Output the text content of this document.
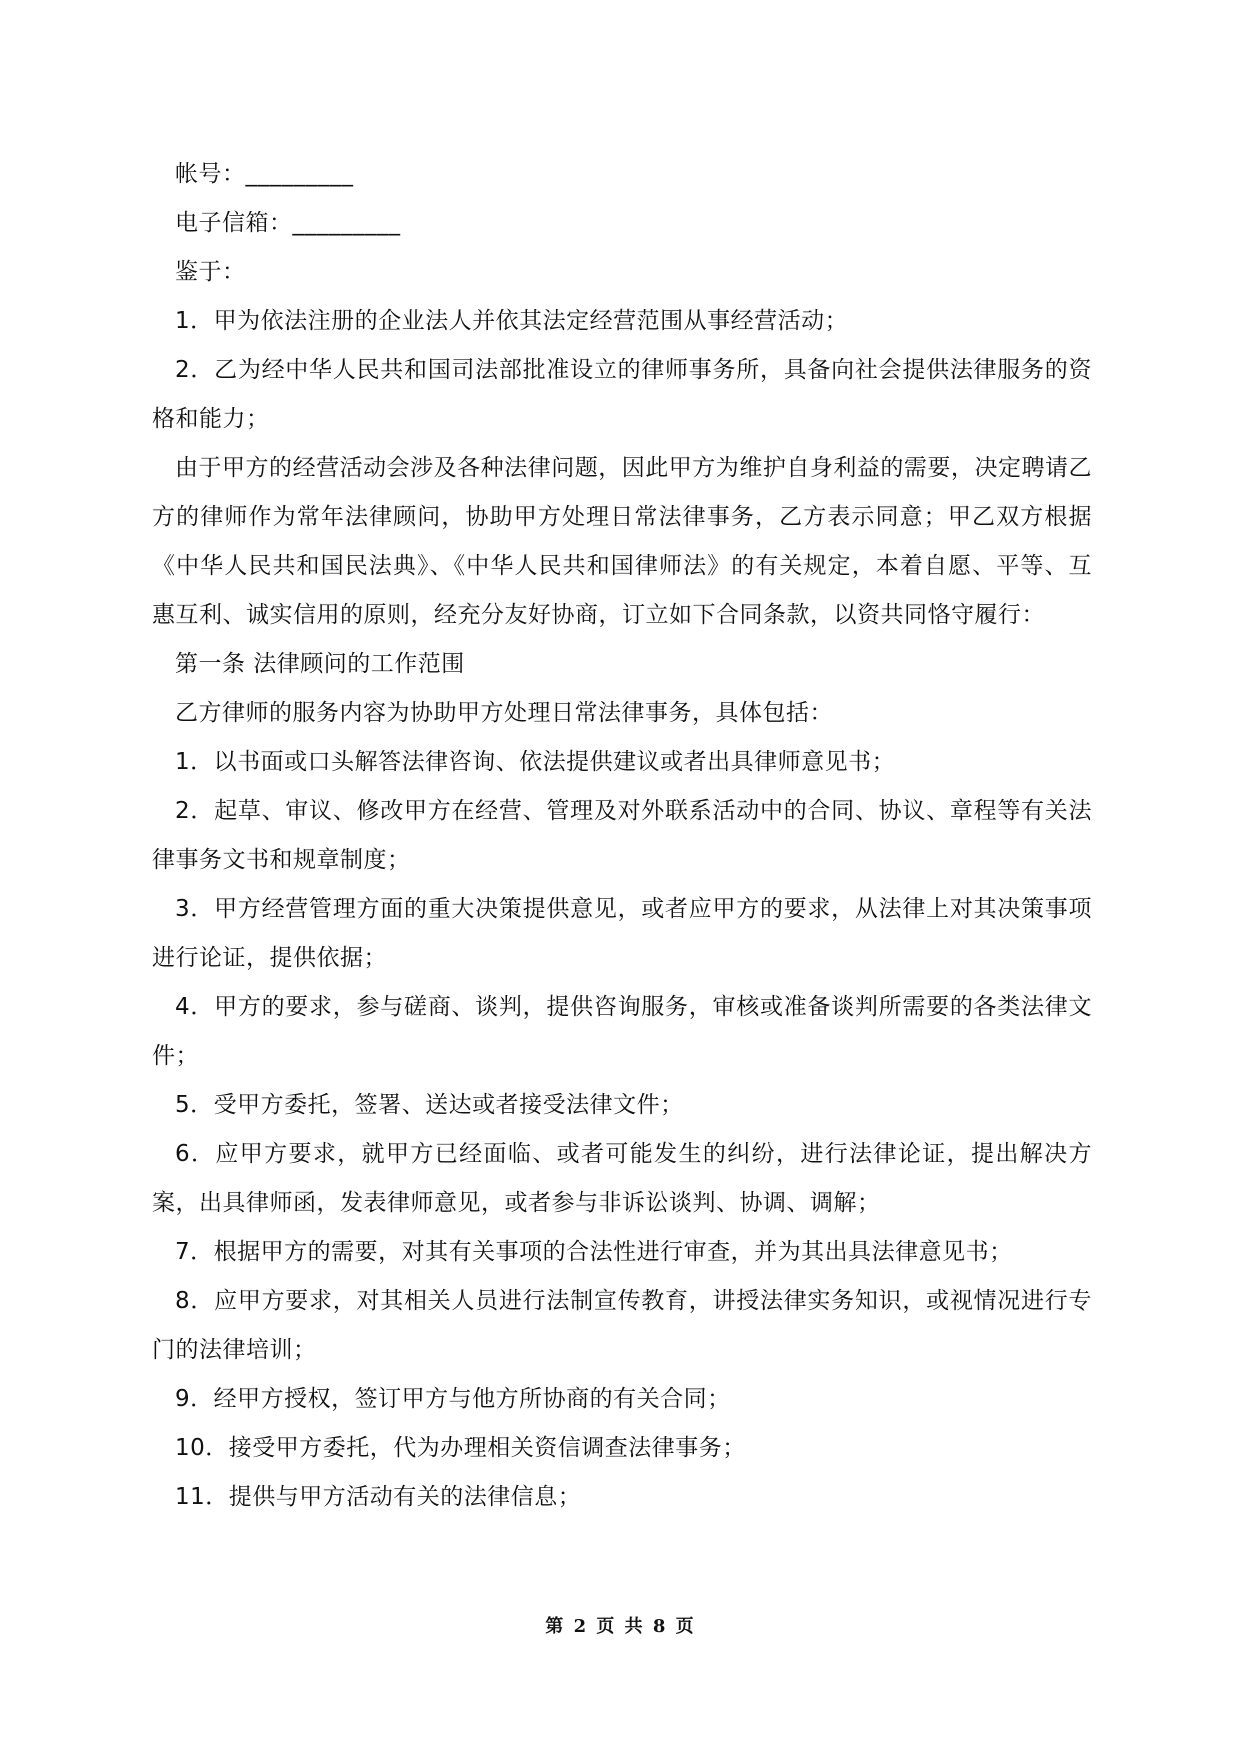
帐号：_________

电子信箱：_________

鉴于：

1．甲为依法注册的企业法人并依其法定经营范围从事经营活动；

2．乙为经中华人民共和国司法部批准设立的律师事务所，具备向社会提供法律服务的资格和能力；

由于甲方的经营活动会涉及各种法律问题，因此甲方为维护自身利益的需要，决定聘请乙方的律师作为常年法律顾问，协助甲方处理日常法律事务，乙方表示同意；甲乙双方根据《中华人民共和国民法典》、《中华人民共和国律师法》的有关规定，本着自愿、平等、互惠互利、诚实信用的原则，经充分友好协商，订立如下合同条款，以资共同恪守履行：

第一条 法律顾问的工作范围

乙方律师的服务内容为协助甲方处理日常法律事务，具体包括：

1．以书面或口头解答法律咨询、依法提供建议或者出具律师意见书；

2．起草、审议、修改甲方在经营、管理及对外联系活动中的合同、协议、章程等有关法律事务文书和规章制度；

3．甲方经营管理方面的重大决策提供意见，或者应甲方的要求，从法律上对其决策事项进行论证，提供依据；

4．甲方的要求，参与磋商、谈判，提供咨询服务，审核或准备谈判所需要的各类法律文件；

5．受甲方委托，签署、送达或者接受法律文件；

6．应甲方要求，就甲方已经面临、或者可能发生的纠纷，进行法律论证，提出解决方案，出具律师函，发表律师意见，或者参与非诉讼谈判、协调、调解；

7．根据甲方的需要，对其有关事项的合法性进行审查，并为其出具法律意见书；

8．应甲方要求，对其相关人员进行法制宣传教育，讲授法律实务知识，或视情况进行专门的法律培训；

9．经甲方授权，签订甲方与他方所协商的有关合同；

10．接受甲方委托，代为办理相关资信调查法律事务；

11．提供与甲方活动有关的法律信息；

第 2 页 共 8 页
